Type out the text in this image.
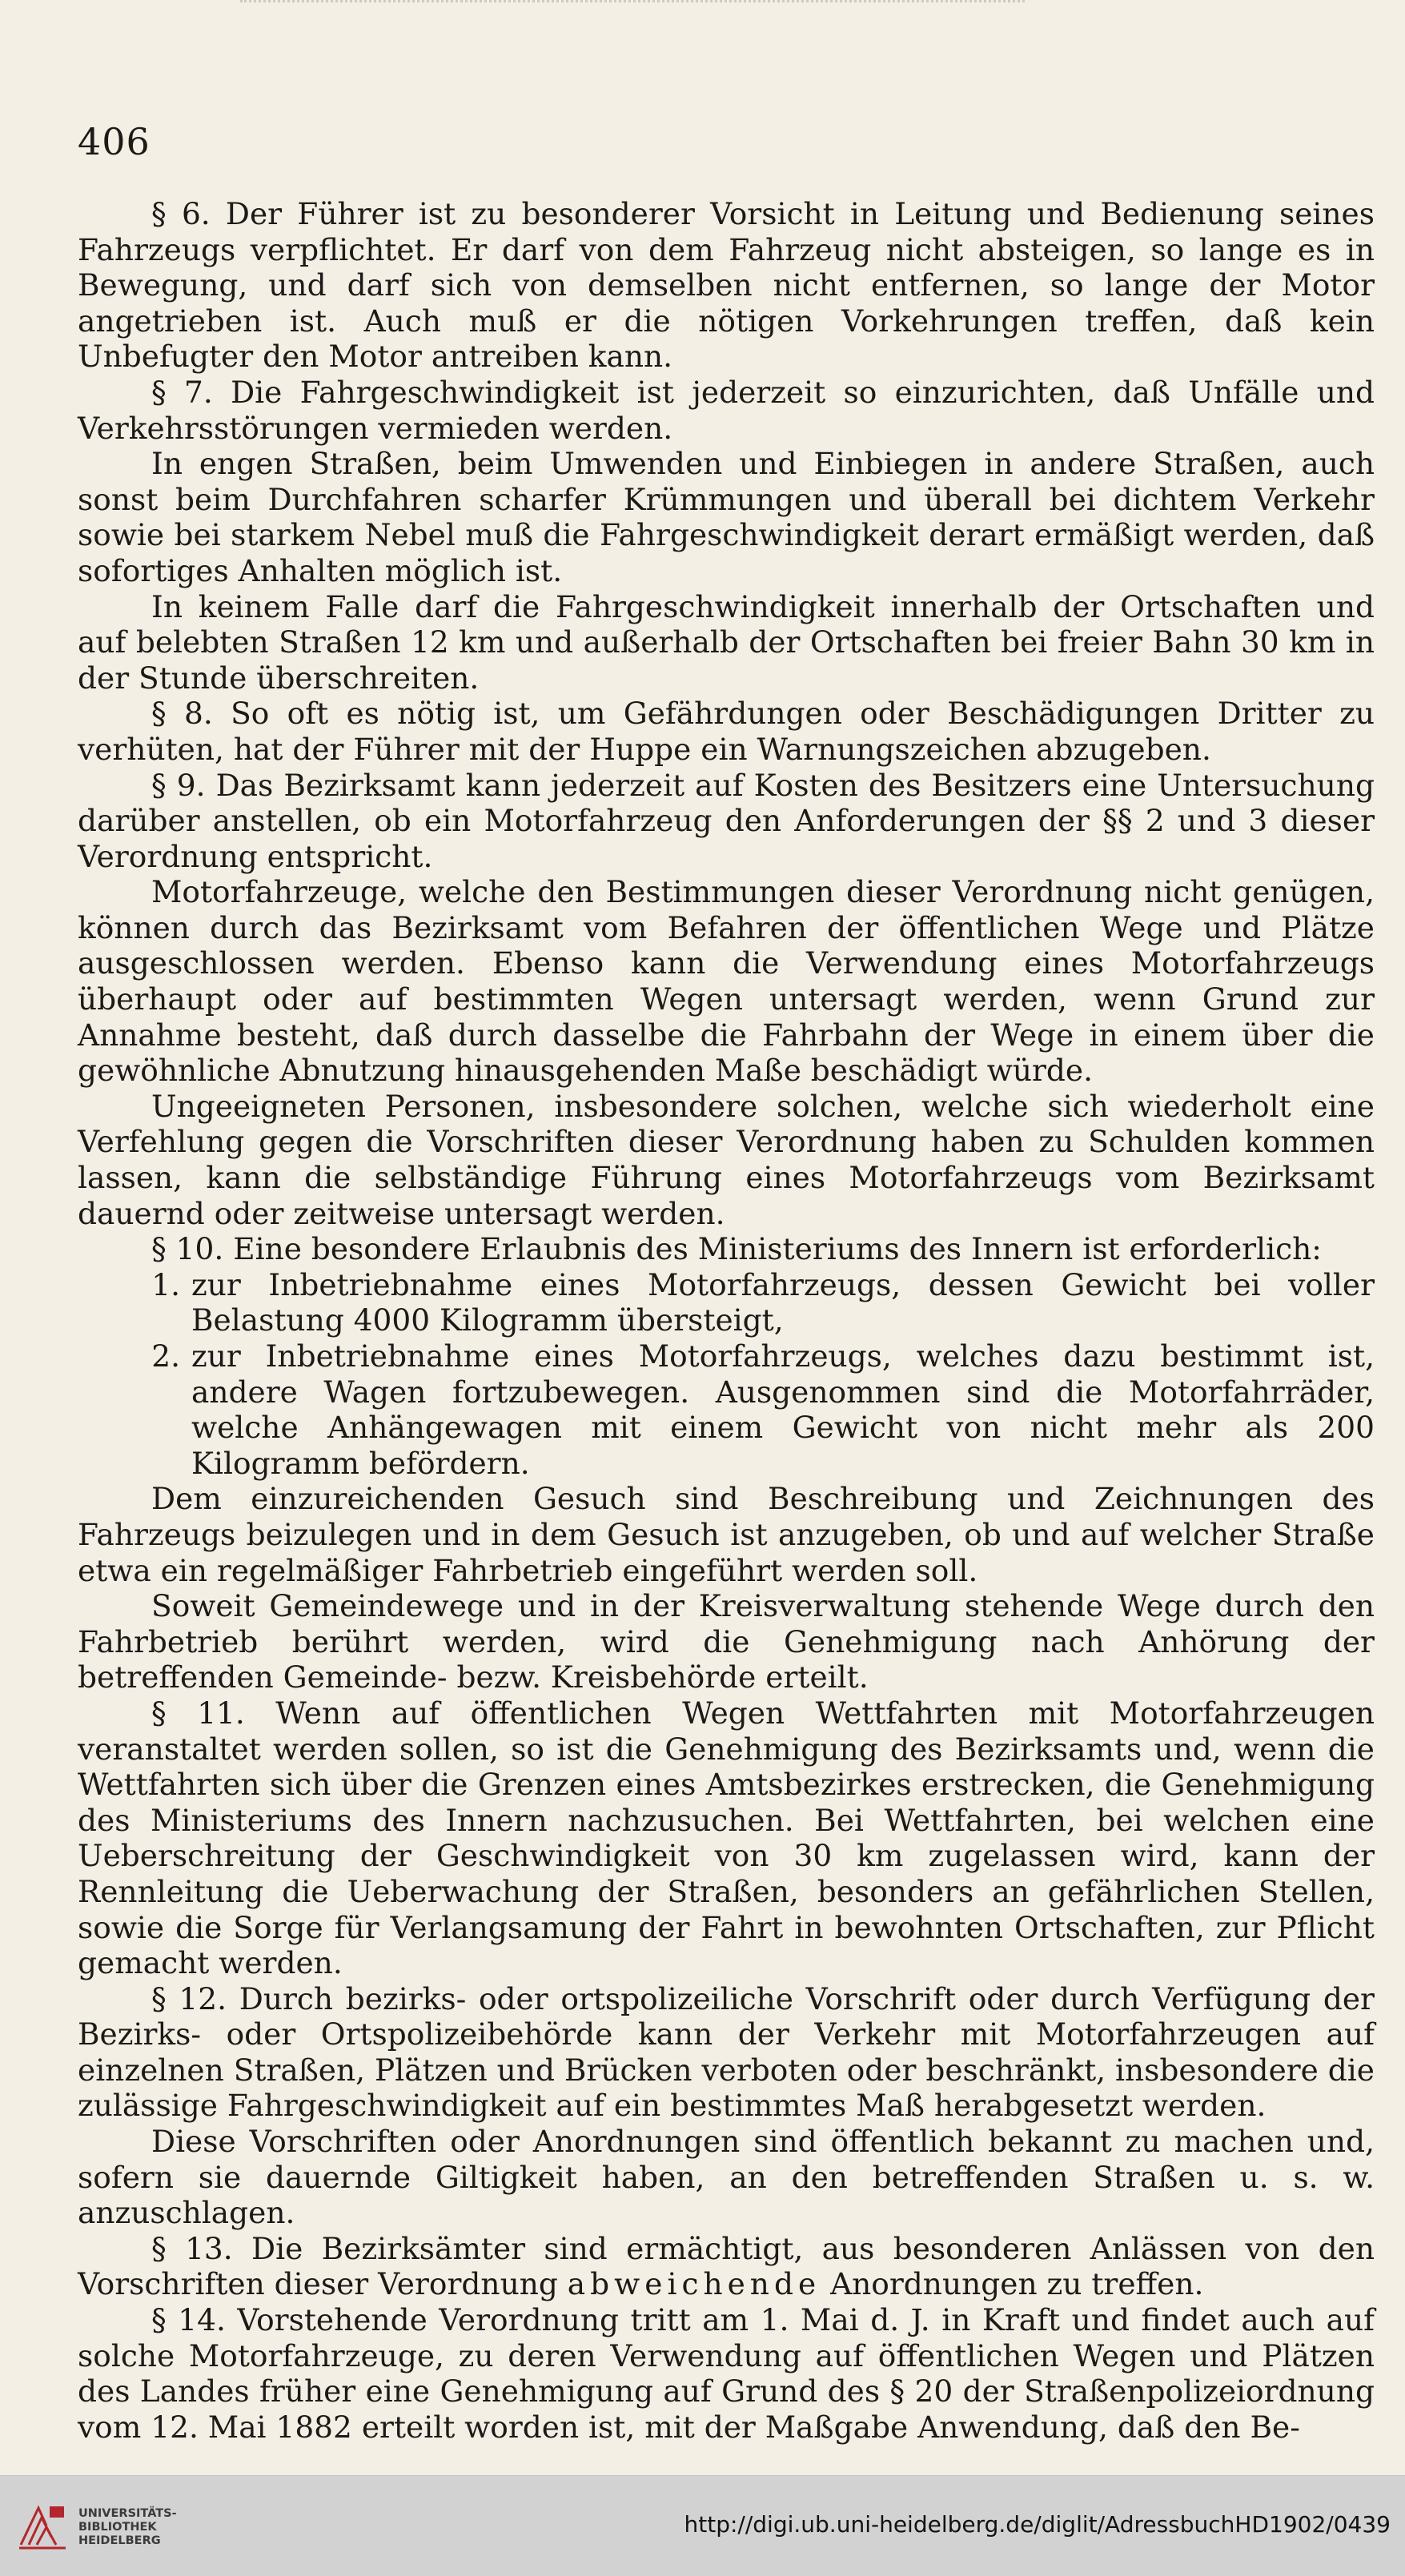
406

§ 6. Der Führer ist zu besonderer Vorsicht in Leitung und Bedienung seines Fahrzeugs verpflichtet. Er darf von dem Fahrzeug nicht absteigen, so lange es in Bewegung, und darf sich von demselben nicht entfernen, so lange der Motor angetrieben ist. Auch muß er die nötigen Vorkehrungen treffen, daß kein Unbefugter den Motor antreiben kann.

§ 7. Die Fahrgeschwindigkeit ist jederzeit so einzurichten, daß Unfälle und Verkehrsstörungen vermieden werden.

In engen Straßen, beim Umwenden und Einbiegen in andere Straßen, auch sonst beim Durchfahren scharfer Krümmungen und überall bei dichtem Verkehr sowie bei starkem Nebel muß die Fahrgeschwindigkeit derart ermäßigt werden, daß sofortiges Anhalten möglich ist.

In keinem Falle darf die Fahrgeschwindigkeit innerhalb der Ortschaften und auf belebten Straßen 12 km und außerhalb der Ortschaften bei freier Bahn 30 km in der Stunde überschreiten.

§ 8. So oft es nötig ist, um Gefährdungen oder Beschädigungen Dritter zu verhüten, hat der Führer mit der Huppe ein Warnungszeichen abzugeben.

§ 9. Das Bezirksamt kann jederzeit auf Kosten des Besitzers eine Untersuchung darüber anstellen, ob ein Motorfahrzeug den Anforderungen der §§ 2 und 3 dieser Verordnung entspricht.

Motorfahrzeuge, welche den Bestimmungen dieser Verordnung nicht genügen, können durch das Bezirksamt vom Befahren der öffentlichen Wege und Plätze ausgeschlossen werden. Ebenso kann die Verwendung eines Motorfahrzeugs überhaupt oder auf bestimmten Wegen untersagt werden, wenn Grund zur Annahme besteht, daß durch dasselbe die Fahrbahn der Wege in einem über die gewöhnliche Abnutzung hinausgehenden Maße beschädigt würde.

Ungeeigneten Personen, insbesondere solchen, welche sich wiederholt eine Verfehlung gegen die Vorschriften dieser Verordnung haben zu Schulden kommen lassen, kann die selbständige Führung eines Motorfahrzeugs vom Bezirksamt dauernd oder zeitweise untersagt werden.

§ 10. Eine besondere Erlaubnis des Ministeriums des Innern ist erforderlich:

1. zur Inbetriebnahme eines Motorfahrzeugs, dessen Gewicht bei voller Belastung 4000 Kilogramm übersteigt,
2. zur Inbetriebnahme eines Motorfahrzeugs, welches dazu bestimmt ist, andere Wagen fortzubewegen. Ausgenommen sind die Motorfahrräder, welche Anhängewagen mit einem Gewicht von nicht mehr als 200 Kilogramm befördern.

Dem einzureichenden Gesuch sind Beschreibung und Zeichnungen des Fahrzeugs beizulegen und in dem Gesuch ist anzugeben, ob und auf welcher Straße etwa ein regelmäßiger Fahrbetrieb eingeführt werden soll.

Soweit Gemeindewege und in der Kreisverwaltung stehende Wege durch den Fahrbetrieb berührt werden, wird die Genehmigung nach Anhörung der betreffenden Gemeinde- bezw. Kreisbehörde erteilt.

§ 11. Wenn auf öffentlichen Wegen Wettfahrten mit Motorfahrzeugen veranstaltet werden sollen, so ist die Genehmigung des Bezirksamts und, wenn die Wettfahrten sich über die Grenzen eines Amtsbezirkes erstrecken, die Genehmigung des Ministeriums des Innern nachzusuchen. Bei Wettfahrten, bei welchen eine Ueberschreitung der Geschwindigkeit von 30 km zugelassen wird, kann der Rennleitung die Ueberwachung der Straßen, besonders an gefährlichen Stellen, sowie die Sorge für Verlangsamung der Fahrt in bewohnten Ortschaften, zur Pflicht gemacht werden.

§ 12. Durch bezirks- oder ortspolizeiliche Vorschrift oder durch Verfügung der Bezirks- oder Ortspolizeibehörde kann der Verkehr mit Motorfahrzeugen auf einzelnen Straßen, Plätzen und Brücken verboten oder beschränkt, insbesondere die zulässige Fahrgeschwindigkeit auf ein bestimmtes Maß herabgesetzt werden.

Diese Vorschriften oder Anordnungen sind öffentlich bekannt zu machen und, sofern sie dauernde Giltigkeit haben, an den betreffenden Straßen u. s. w. anzuschlagen.

§ 13. Die Bezirksämter sind ermächtigt, aus besonderen Anlässen von den Vorschriften dieser Verordnung abweichende Anordnungen zu treffen.

§ 14. Vorstehende Verordnung tritt am 1. Mai d. J. in Kraft und findet auch auf solche Motorfahrzeuge, zu deren Verwendung auf öffentlichen Wegen und Plätzen des Landes früher eine Genehmigung auf Grund des § 20 der Straßenpolizeiordnung vom 12. Mai 1882 erteilt worden ist, mit der Maßgabe Anwendung, daß den Be-

UNIVERSITÄTS-
BIBLIOTHEK
HEIDELBERG
http://digi.ub.uni-heidelberg.de/diglit/AdressbuchHD1902/0439
